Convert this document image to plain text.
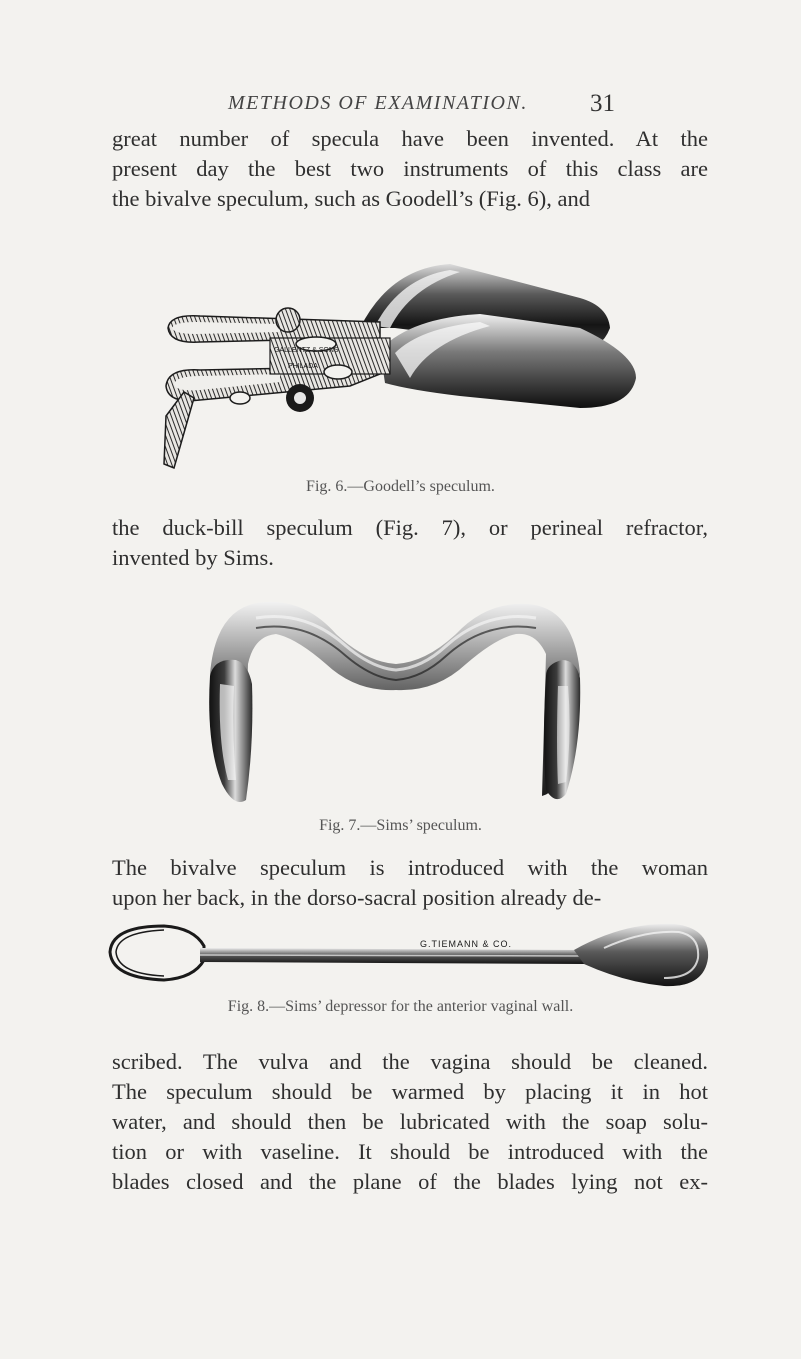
METHODS OF EXAMINATION.	31
great number of specula have been invented. At the
present day the best two instruments of this class are
the bivalve speculum, such as Goodell’s (Fig. 6), and
GALLENTZ & SONS
PHILADA
Fig. 6.—Goodell’s speculum.
the duck-bill speculum (Fig. 7), or perineal refractor,
invented by Sims.
Fig. 7.—Sims’ speculum.
The bivalve speculum is introduced with the woman
upon her back, in the dorso-sacral position already de-
G.TIEMANN & CO.
Fig. 8.—Sims’ depressor for the anterior vaginal wall.
scribed. The vulva and the vagina should be cleaned.
The speculum should be warmed by placing it in hot
water, and should then be lubricated with the soap solu-
tion or with vaseline. It should be introduced with the
blades closed and the plane of the blades lying not ex-
